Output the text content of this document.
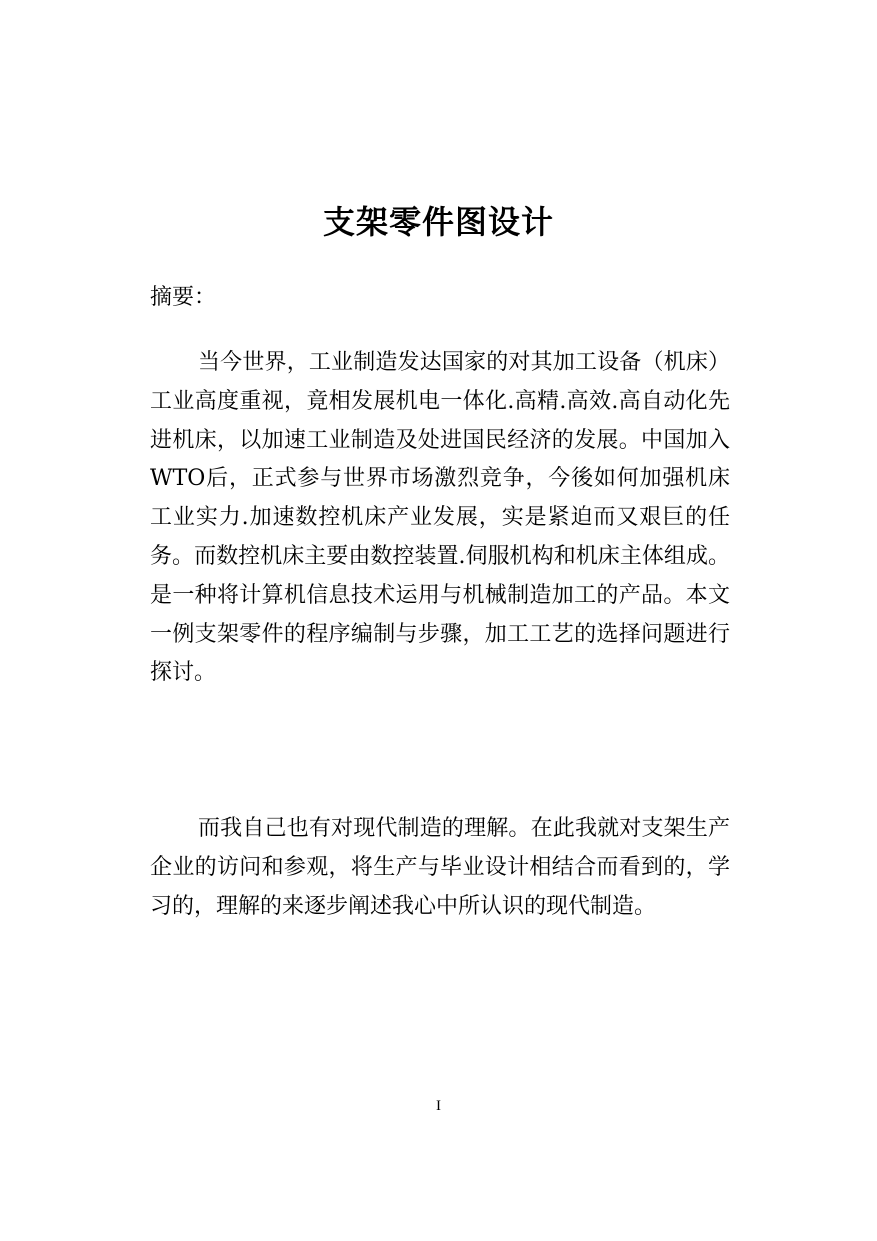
支架零件图设计
摘要：

当今世界，工业制造发达国家的对其加工设备（机床）工业高度重视，竟相发展机电一体化.高精.高效.高自动化先进机床，以加速工业制造及处进国民经济的发展。中国加入WTO后，正式参与世界市场激烈竞争，今後如何加强机床工业实力.加速数控机床产业发展，实是紧迫而又艰巨的任务。而数控机床主要由数控装置.伺服机构和机床主体组成。是一种将计算机信息技术运用与机械制造加工的产品。本文一例支架零件的程序编制与步骤，加工工艺的选择问题进行探讨。

而我自己也有对现代制造的理解。在此我就对支架生产企业的访问和参观，将生产与毕业设计相结合而看到的，学习的，理解的来逐步阐述我心中所认识的现代制造。

I
